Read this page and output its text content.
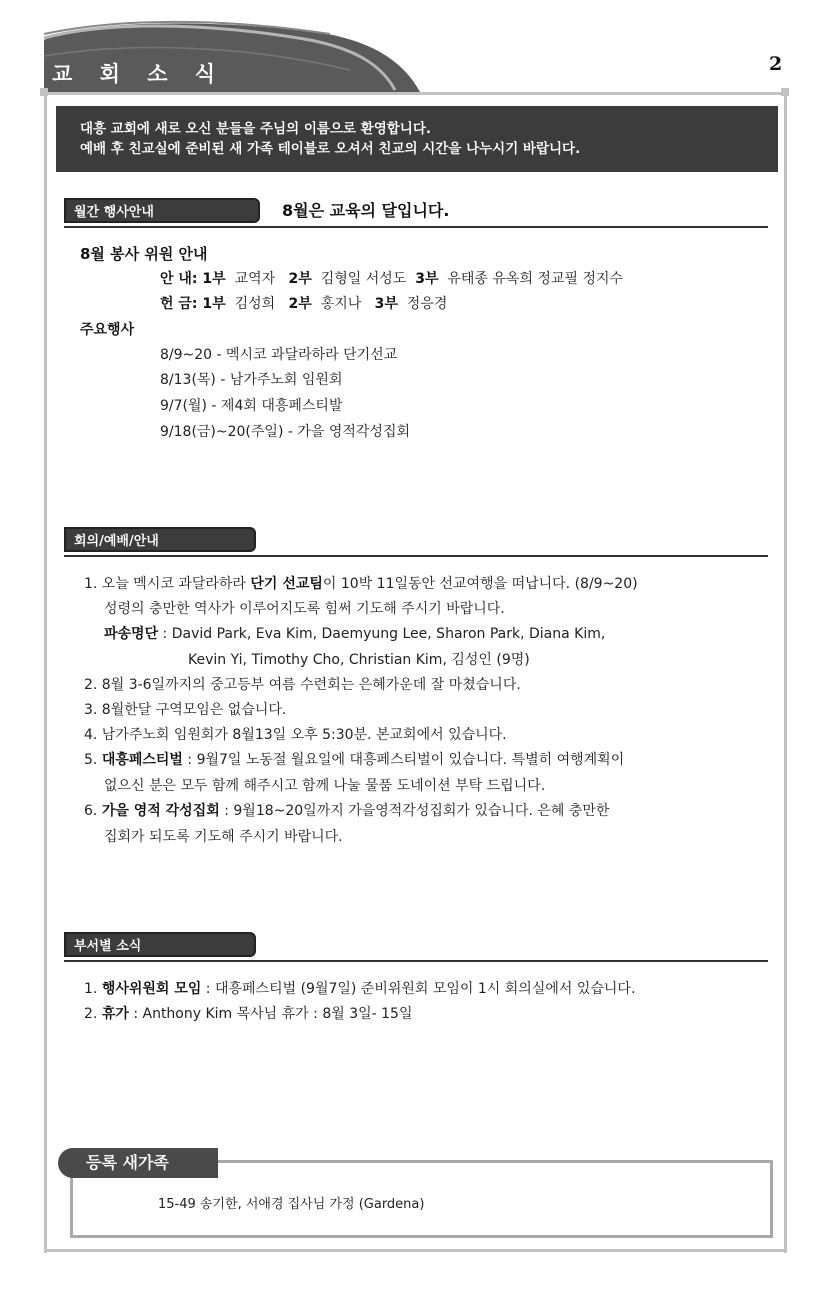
교 회 소 식	2
대흥 교회에 새로 오신 분들을 주님의 이름으로 환영합니다.
예배 후 친교실에 준비된 새 가족 테이블로 오셔서 친교의 시간을 나누시기 바랍니다.
월간 행사안내	8월은 교육의 달입니다.
8월 봉사 위원 안내
안 내: 1부 교역자 2부 김형일 서성도 3부 유태종 유옥희 정교필 정지수
헌 금: 1부 김성희 2부 홍지나 3부 정응경
주요행사
8/9~20 - 멕시코 과달라하라 단기선교
8/13(목) - 남가주노회 임원회
9/7(월) - 제4회 대흥페스티발
9/18(금)~20(주일) - 가을 영적각성집회
회의/예배/안내
1. 오늘 멕시코 과달라하라 단기 선교팀이 10박 11일동안 선교여행을 떠납니다. (8/9~20)
성령의 충만한 역사가 이루어지도록 힘써 기도해 주시기 바랍니다.
파송명단 : David Park, Eva Kim, Daemyung Lee, Sharon Park, Diana Kim,
Kevin Yi, Timothy Cho, Christian Kim, 김성인 (9명)
2. 8월 3-6일까지의 중고등부 여름 수련회는 은혜가운데 잘 마쳤습니다.
3. 8월한달 구역모임은 없습니다.
4. 남가주노회 임원회가 8월13일 오후 5:30분. 본교회에서 있습니다.
5. 대흥페스티벌 : 9월7일 노동절 월요일에 대흥페스티벌이 있습니다. 특별히 여행계획이
없으신 분은 모두 함께 해주시고 함께 나눌 물품 도네이션 부탁 드립니다.
6. 가을 영적 각성집회 : 9월18~20일까지 가을영적각성집회가 있습니다. 은혜 충만한
집회가 되도록 기도해 주시기 바랍니다.
부서별 소식
1. 행사위원회 모임 : 대흥페스티벌 (9월7일) 준비위원회 모임이 1시 회의실에서 있습니다.
2. 휴가 : Anthony Kim 목사님 휴가 : 8월 3일- 15일
등록 새가족
15-49 송기한, 서애경 집사님 가정 (Gardena)
